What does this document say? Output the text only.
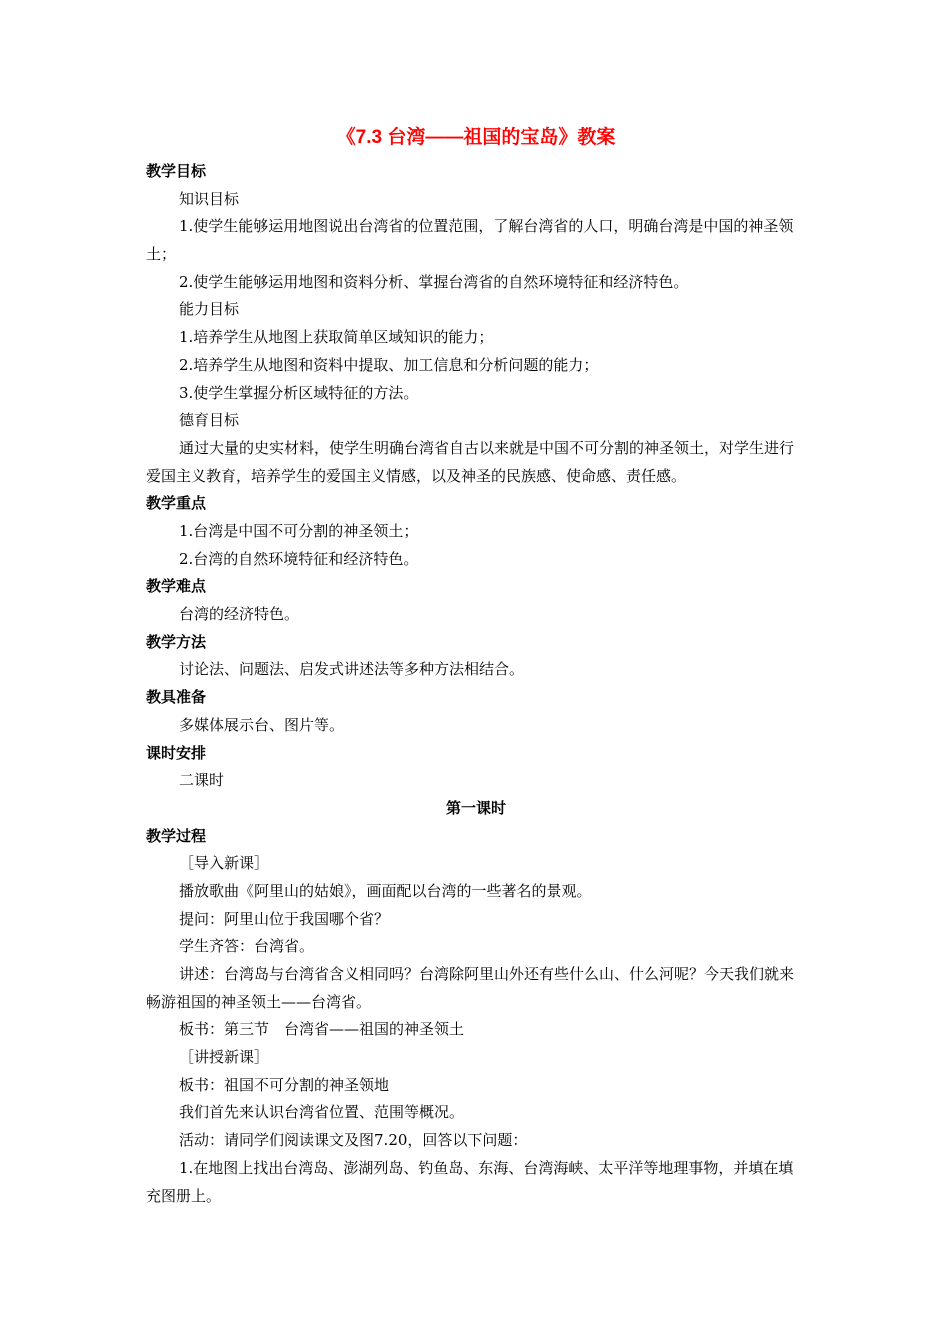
《7.3 台湾——祖国的宝岛》教案
教学目标
知识目标

1.使学生能够运用地图说出台湾省的位置范围，了解台湾省的人口，明确台湾是中国的神圣领土；

2.使学生能够运用地图和资料分析、掌握台湾省的自然环境特征和经济特色。
能力目标
1.培养学生从地图上获取简单区域知识的能力；
2.培养学生从地图和资料中提取、加工信息和分析问题的能力；
3.使学生掌握分析区域特征的方法。
德育目标

通过大量的史实材料，使学生明确台湾省自古以来就是中国不可分割的神圣领土，对学生进行爱国主义教育，培养学生的爱国主义情感，以及神圣的民族感、使命感、责任感。

教学重点
1.台湾是中国不可分割的神圣领土；
2.台湾的自然环境特征和经济特色。
教学难点
台湾的经济特色。
教学方法
讨论法、问题法、启发式讲述法等多种方法相结合。
教具准备
多媒体展示台、图片等。
课时安排
二课时
第一课时
教学过程
［导入新课］
播放歌曲《阿里山的姑娘》，画面配以台湾的一些著名的景观。
提问：阿里山位于我国哪个省？
学生齐答：台湾省。

讲述：台湾岛与台湾省含义相同吗？台湾除阿里山外还有些什么山、什么河呢？今天我们就来畅游祖国的神圣领土——台湾省。

板书：第三节　台湾省——祖国的神圣领土
［讲授新课］
板书：祖国不可分割的神圣领地
我们首先来认识台湾省位置、范围等概况。
活动：请同学们阅读课文及图7.20，回答以下问题：

1.在地图上找出台湾岛、澎湖列岛、钓鱼岛、东海、台湾海峡、太平洋等地理事物，并填在填充图册上。
